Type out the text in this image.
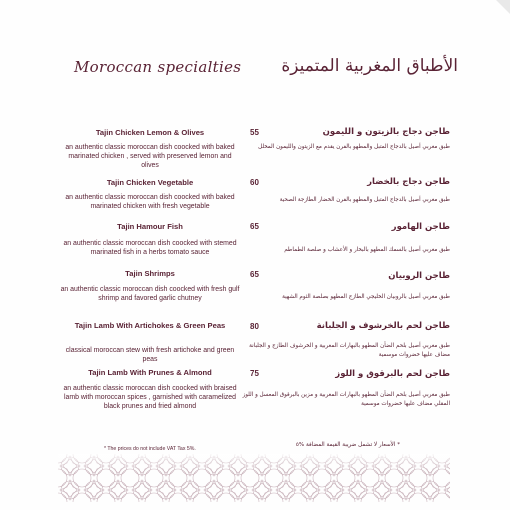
Moroccan specialties الأطباق المغربية المتميزة
Tajin Chicken Lemon & Olives
an authentic classic moroccan dish coocked with baked marinated chicken , served with preserved lemon and olives
55	طاجن دجاج بالزيتون و الليمون
طبق مغربي أصيل بالدجاج المتبل والمطهو بالفرن يقدم مع الزيتون والليمون المخلل
Tajin Chicken Vegetable
an authentic classic moroccan dish coocked with baked marinated chicken with fresh vegetable
60	طاجن دجاج بالخضار
طبق مغربي أصيل بالدجاج المتبل والمطهو بالفرن الخضار الطازجة الصحية
Tajin Hamour Fish
an authentic classic moroccan dish coocked with stemed marinated fish in a herbs tomato sauce
65	طاجن الهامور
طبق مغربي أصيل بالسمك المطهو بالبخار و الأعشاب و صلصة الطماطم
Tajin Shrimps
an authentic classic moroccan dish coocked with fresh gulf shrimp and favored garlic chutney
65	طاجن الروبيان
طبق مغربي أصيل بالروبيان الخليجي الطازج المطهو بصلصة الثوم الشهية
Tajin Lamb With Artichokes & Green Peas
classical moroccan stew with fresh artichoke and green peas
80	طاجن لحم بالخرشوف و الجلبانة
طبق مغربي أصيل بلحم الضأن المطهو بالبهارات المغربية و الخرشوف الطازج و الجلبانة مضاف عليها خضروات موسمية
Tajin Lamb With Prunes & Almond
an authentic classic moroccan dish coocked with braised lamb with moroccan spices , garnished with caramelized black prunes and fried almond
75	طاجن لحم بالبرقوق و اللوز
طبق مغربي أصيل بلحم الضأن المطهو بالبهارات المغربية و مزين بالبرقوق المعسل و اللوز المقلي مضاف عليها خضروات موسمية
* The prices do not include VAT Tax 5%.
* الأسعار لا تشمل ضريبة القيمة المضافة %٥
